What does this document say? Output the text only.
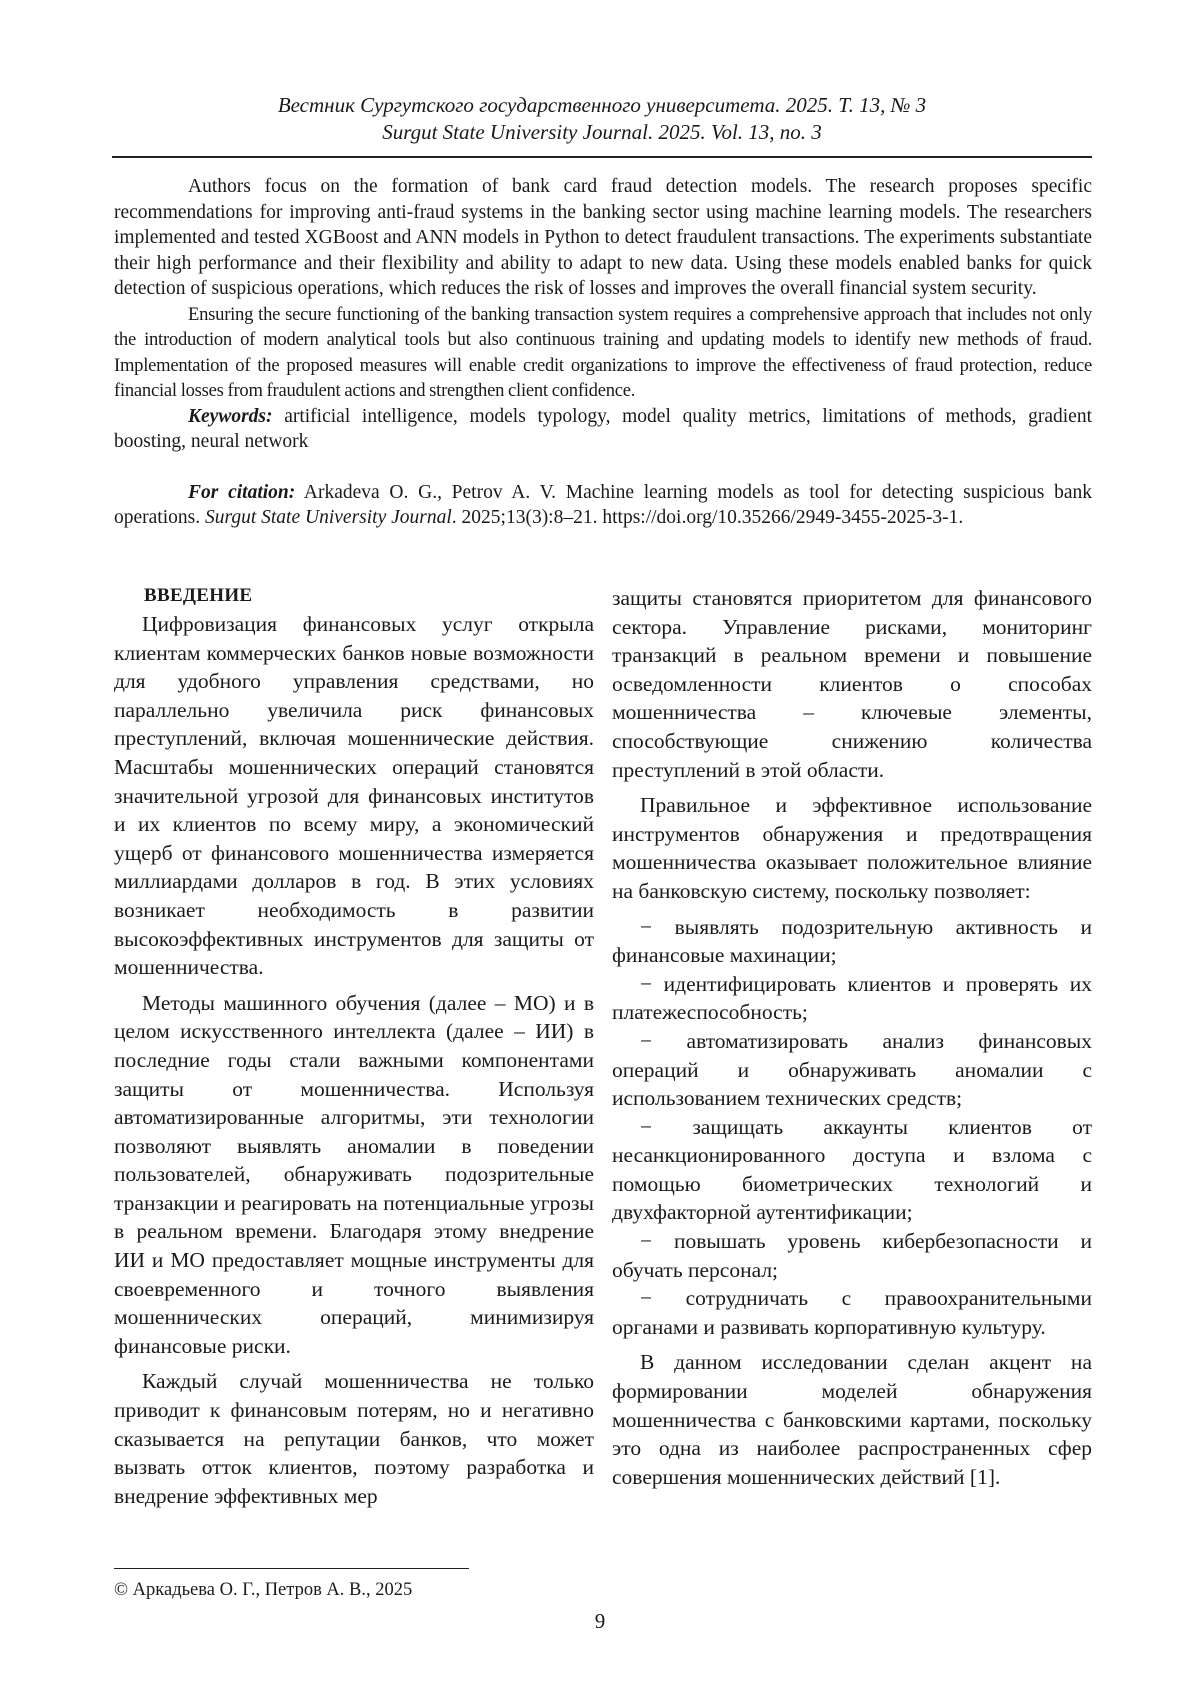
Вестник Сургутского государственного университета. 2025. Т. 13, № 3
Surgut State University Journal. 2025. Vol. 13, no. 3

Authors focus on the formation of bank card fraud detection models. The research proposes specific recommendations for improving anti-fraud systems in the banking sector using machine learning models. The researchers implemented and tested XGBoost and ANN models in Python to detect fraudulent transactions. The experiments substantiate their high performance and their flexibility and ability to adapt to new data. Using these models enabled banks for quick detection of suspicious operations, which reduces the risk of losses and improves the overall financial system security.

Ensuring the secure functioning of the banking transaction system requires a comprehensive approach that includes not only the introduction of modern analytical tools but also continuous training and updating models to identify new methods of fraud. Implementation of the proposed measures will enable credit organizations to improve the effectiveness of fraud protection, reduce financial losses from fraudulent actions and strengthen client confidence.

Keywords: artificial intelligence, models typology, model quality metrics, limitations of methods, gradient boosting, neural network

For citation: Arkadeva O. G., Petrov A. V. Machine learning models as tool for detecting suspicious bank operations. Surgut State University Journal. 2025;13(3):8–21. https://doi.org/10.35266/2949-3455-2025-3-1.

ВВЕДЕНИЕ

Цифровизация финансовых услуг открыла клиентам коммерческих банков новые возможности для удобного управления средствами, но параллельно увеличила риск финансовых преступлений, включая мошеннические действия. Масштабы мошеннических операций становятся значительной угрозой для финансовых институтов и их клиентов по всему миру, а экономический ущерб от финансового мошенничества измеряется миллиардами долларов в год. В этих условиях возникает необходимость в развитии высокоэффективных инструментов для защиты от мошенничества.

Методы машинного обучения (далее – МО) и в целом искусственного интеллекта (далее – ИИ) в последние годы стали важными компонентами защиты от мошенничества. Используя автоматизированные алгоритмы, эти технологии позволяют выявлять аномалии в поведении пользователей, обнаруживать подозрительные транзакции и реагировать на потенциальные угрозы в реальном времени. Благодаря этому внедрение ИИ и МО предоставляет мощные инструменты для своевременного и точного выявления мошеннических операций, минимизируя финансовые риски.

Каждый случай мошенничества не только приводит к финансовым потерям, но и негативно сказывается на репутации банков, что может вызвать отток клиентов, поэтому разработка и внедрение эффективных мер

защиты становятся приоритетом для финансового сектора. Управление рисками, мониторинг транзакций в реальном времени и повышение осведомленности клиентов о способах мошенничества – ключевые элементы, способствующие снижению количества преступлений в этой области.

Правильное и эффективное использование инструментов обнаружения и предотвращения мошенничества оказывает положительное влияние на банковскую систему, поскольку позволяет:

− выявлять подозрительную активность и финансовые махинации;

− идентифицировать клиентов и проверять их платежеспособность;

− автоматизировать анализ финансовых операций и обнаруживать аномалии с использованием технических средств;

− защищать аккаунты клиентов от несанкционированного доступа и взлома с помощью биометрических технологий и двухфакторной аутентификации;

− повышать уровень кибербезопасности и обучать персонал;

− сотрудничать с правоохранительными органами и развивать корпоративную культуру.

В данном исследовании сделан акцент на формировании моделей обнаружения мошенничества с банковскими картами, поскольку это одна из наиболее распространенных сфер совершения мошеннических действий [1].

© Аркадьева О. Г., Петров А. В., 2025
9
